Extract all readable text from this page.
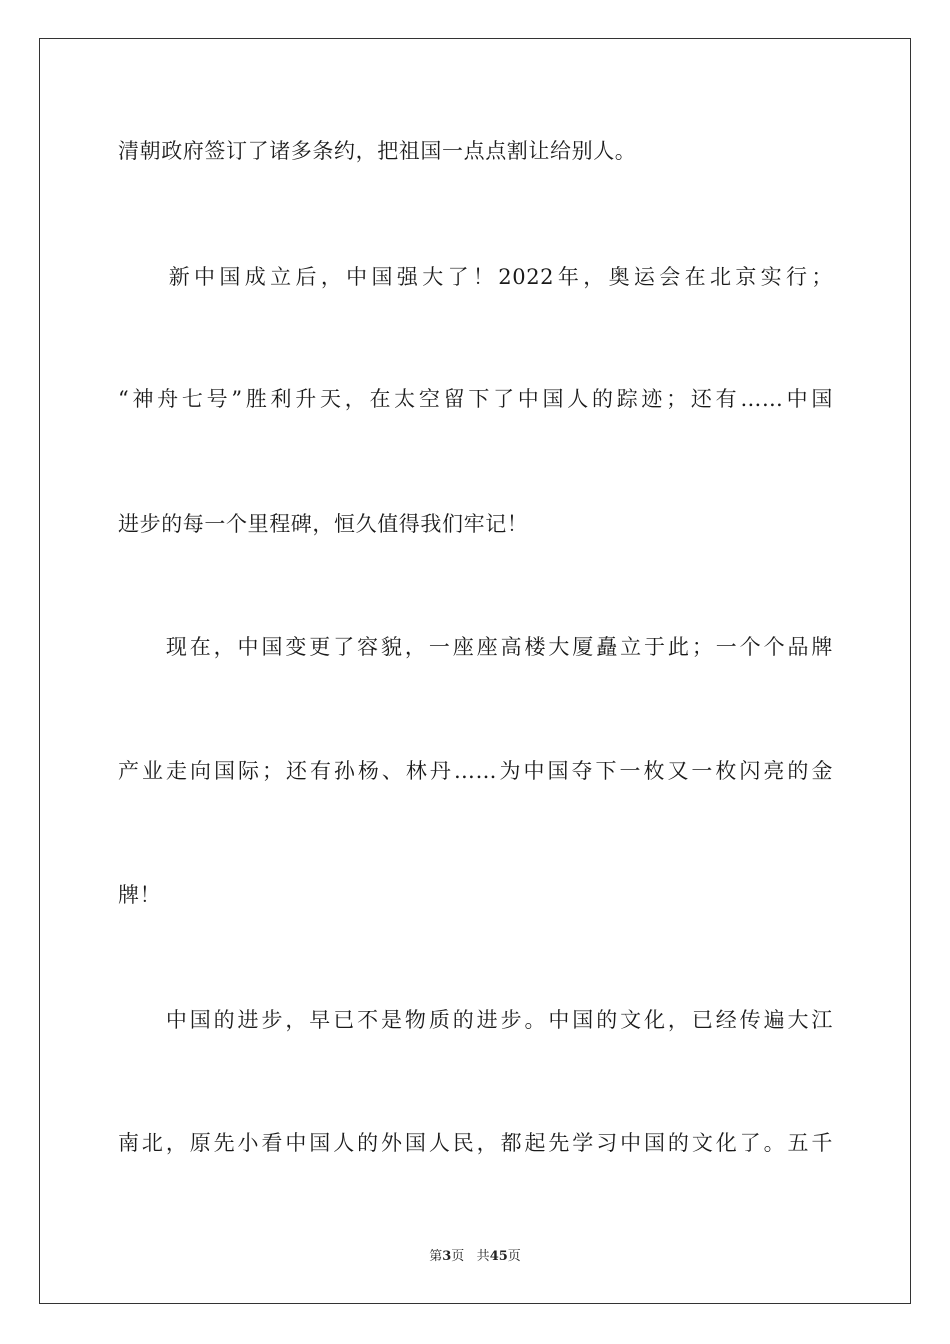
清朝政府签订了诸多条约，把祖国一点点割让给别人。
　　新中国成立后，中国强大了！2022年，奥运会在北京实行；
“神舟七号”胜利升天，在太空留下了中国人的踪迹；还有……中国
进步的每一个里程碑，恒久值得我们牢记！
　　现在，中国变更了容貌，一座座高楼大厦矗立于此；一个个品牌
产业走向国际；还有孙杨、林丹……为中国夺下一枚又一枚闪亮的金
牌！
　　中国的进步，早已不是物质的进步。中国的文化，已经传遍大江
南北，原先小看中国人的外国人民，都起先学习中国的文化了。五千
第3页 共45页
